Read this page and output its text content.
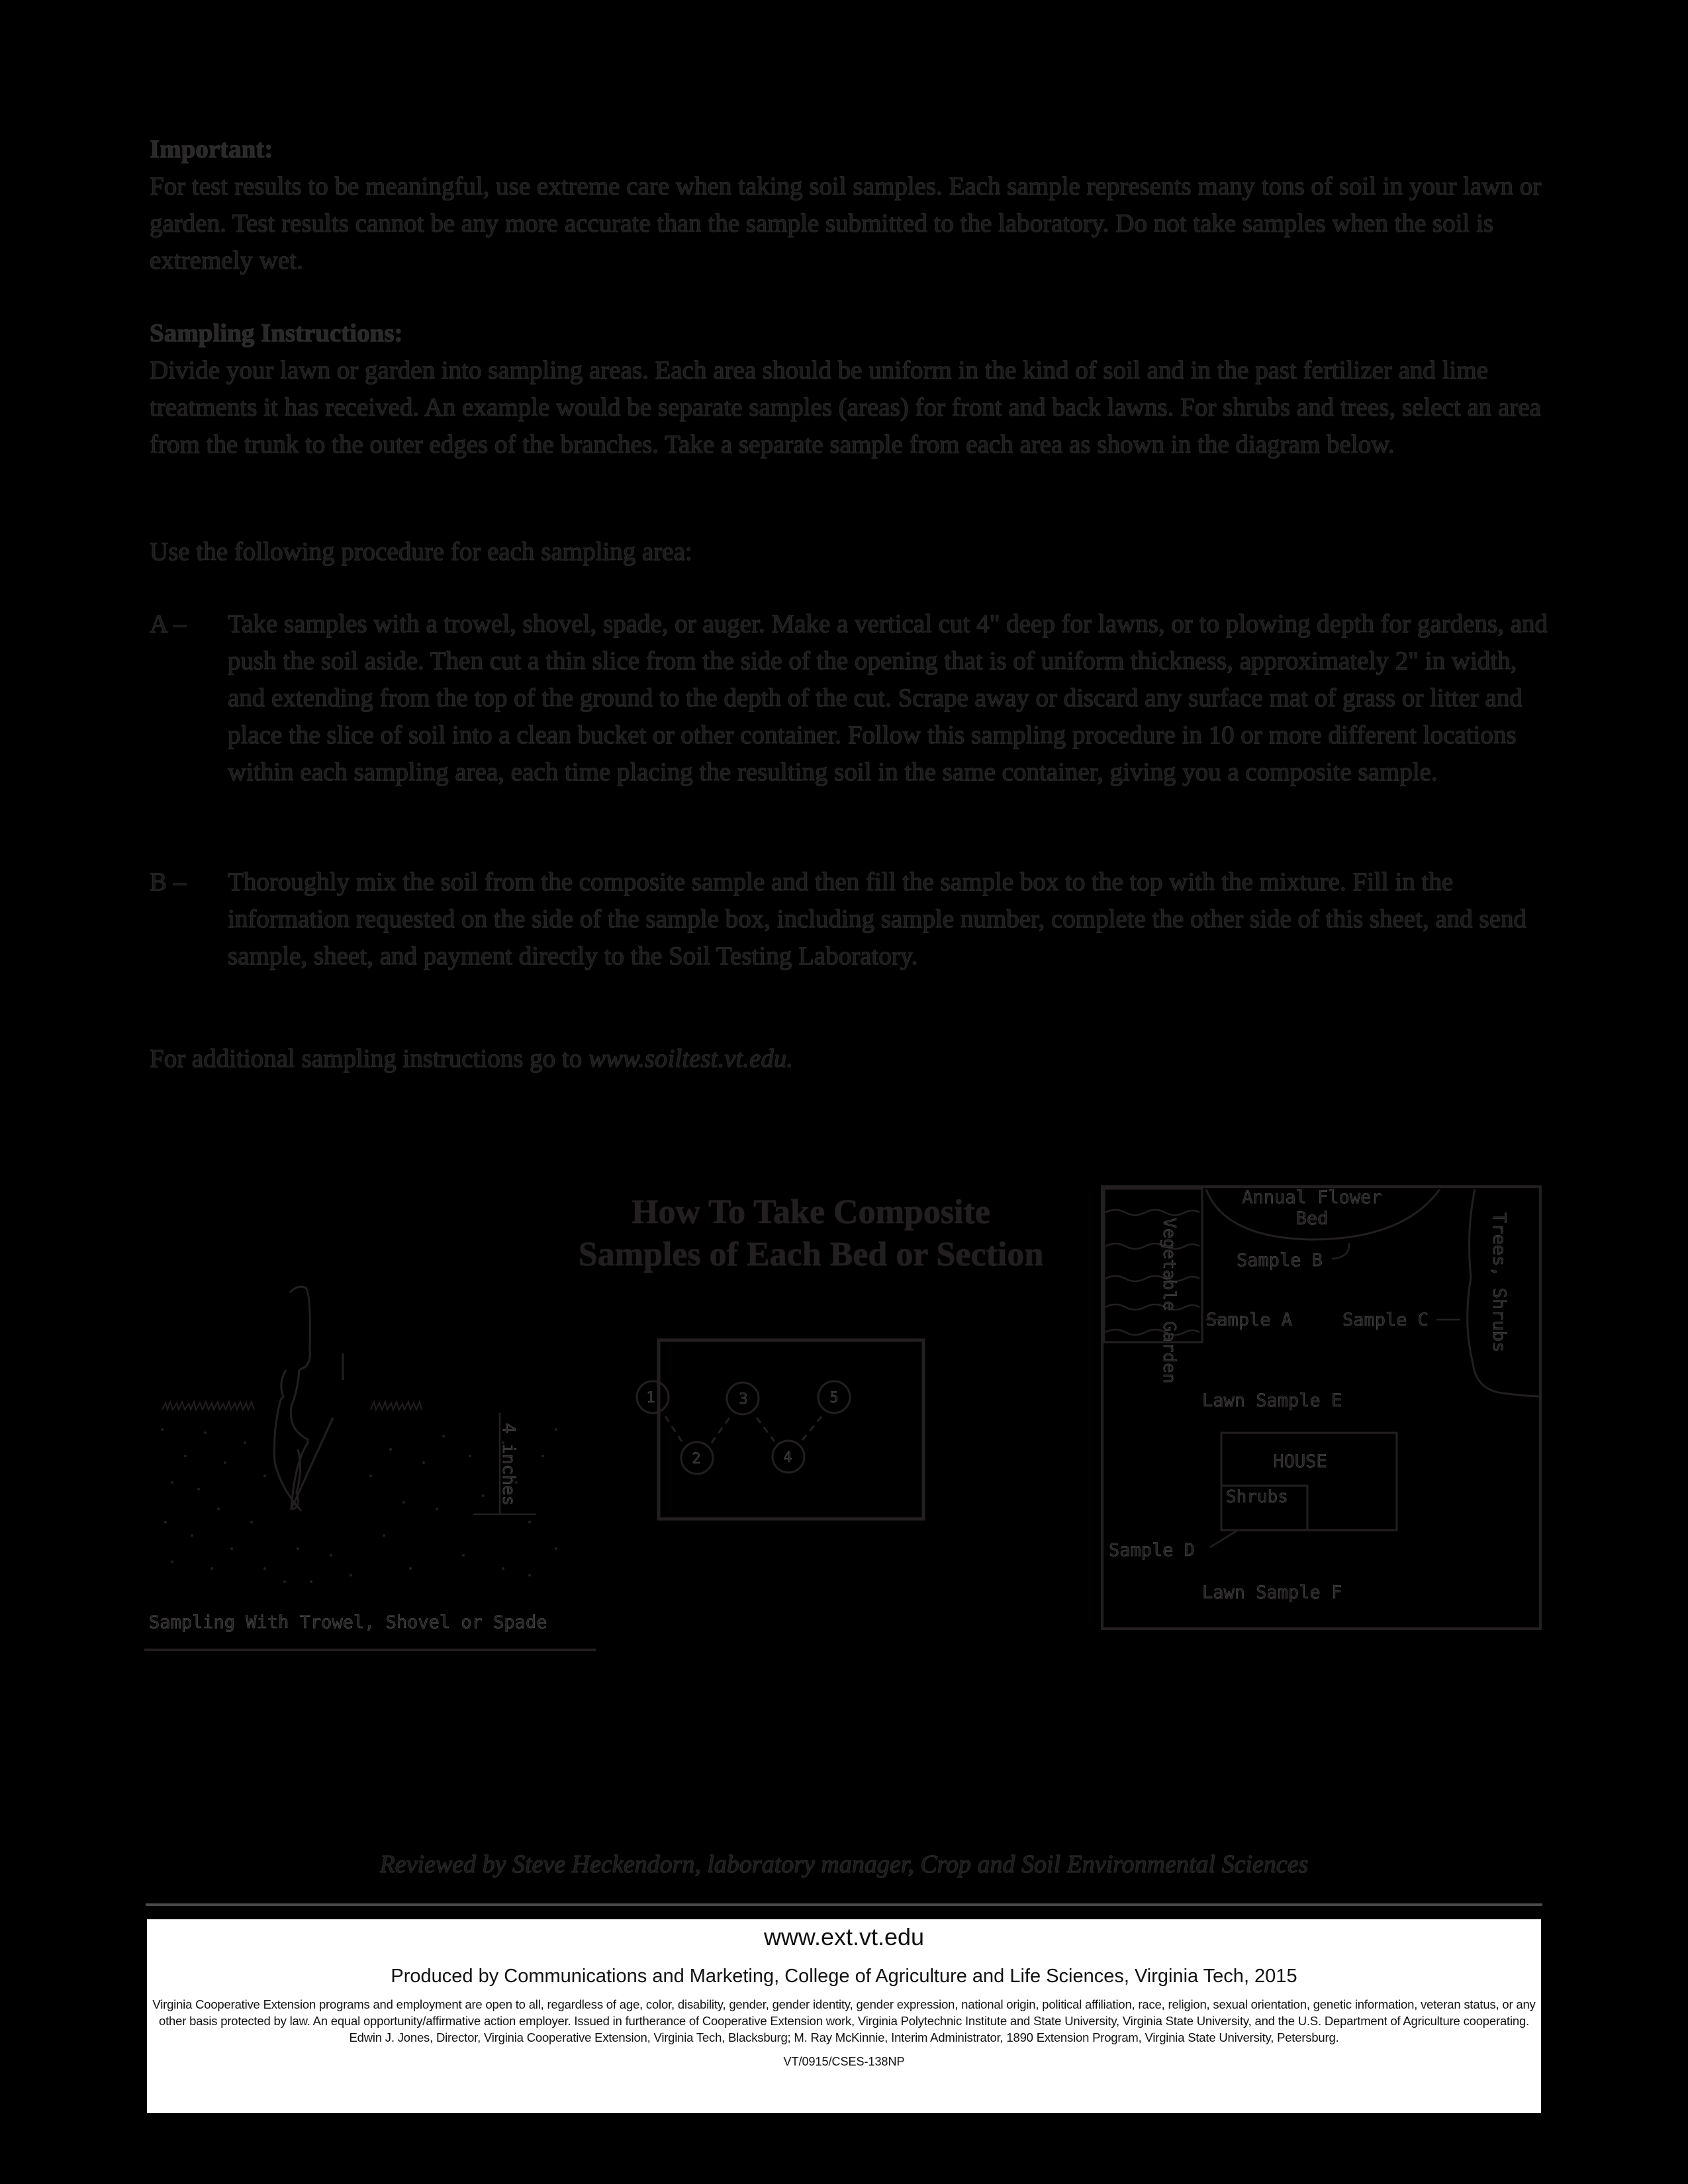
Important:

For test results to be meaningful, use extreme care when taking soil samples. Each sample represents many tons of soil in your lawn or garden. Test results cannot be any more accurate than the sample submitted to the laboratory. Do not take samples when the soil is extremely wet.

Sampling Instructions:

Divide your lawn or garden into sampling areas. Each area should be uniform in the kind of soil and in the past fertilizer and lime treatments it has received. An example would be separate samples (areas) for front and back lawns. For shrubs and trees, select an area from the trunk to the outer edges of the branches. Take a separate sample from each area as shown in the diagram below.

Use the following procedure for each sampling area:
A – Take samples with a trowel, shovel, spade, or auger. Make a vertical cut 4" deep for lawns, or to plowing depth for gardens, and push the soil aside. Then cut a thin slice from the side of the opening that is of uniform thickness, approximately 2" in width, and extending from the top of the ground to the depth of the cut. Scrape away or discard any surface mat of grass or litter and place the slice of soil into a clean bucket or other container. Follow this sampling procedure in 10 or more different locations within each sampling area, each time placing the resulting soil in the same container, giving you a composite sample.
B – Thoroughly mix the soil from the composite sample and then fill the sample box to the top with the mixture. Fill in the information requested on the side of the sample box, including sample number, complete the other side of this sheet, and send sample, sheet, and payment directly to the Soil Testing Laboratory.
For additional sampling instructions go to www.soiltest.vt.edu.
How To Take Composite
Samples of Each Bed or Section
4 inches
Sampling With Trowel, Shovel or Spade
1
2
3
4
5
Vegetable Garden
Annual Flower
Bed
Sample B	Trees, Shrubs
Sample A	Sample C
Lawn Sample E
HOUSE
Shrubs
Sample D
Lawn Sample F
Reviewed by Steve Heckendorn, laboratory manager, Crop and Soil Environmental Sciences
www.ext.vt.edu
Produced by Communications and Marketing, College of Agriculture and Life Sciences, Virginia Tech, 2015

Virginia Cooperative Extension programs and employment are open to all, regardless of age, color, disability, gender, gender identity, gender expression, national origin, political affiliation, race, religion, sexual orientation, genetic information, veteran status, or any other basis protected by law. An equal opportunity/affirmative action employer. Issued in furtherance of Cooperative Extension work, Virginia Polytechnic Institute and State University, Virginia State University, and the U.S. Department of Agriculture cooperating. Edwin J. Jones, Director, Virginia Cooperative Extension, Virginia Tech, Blacksburg; M. Ray McKinnie, Interim Administrator, 1890 Extension Program, Virginia State University, Petersburg.

VT/0915/CSES-138NP
